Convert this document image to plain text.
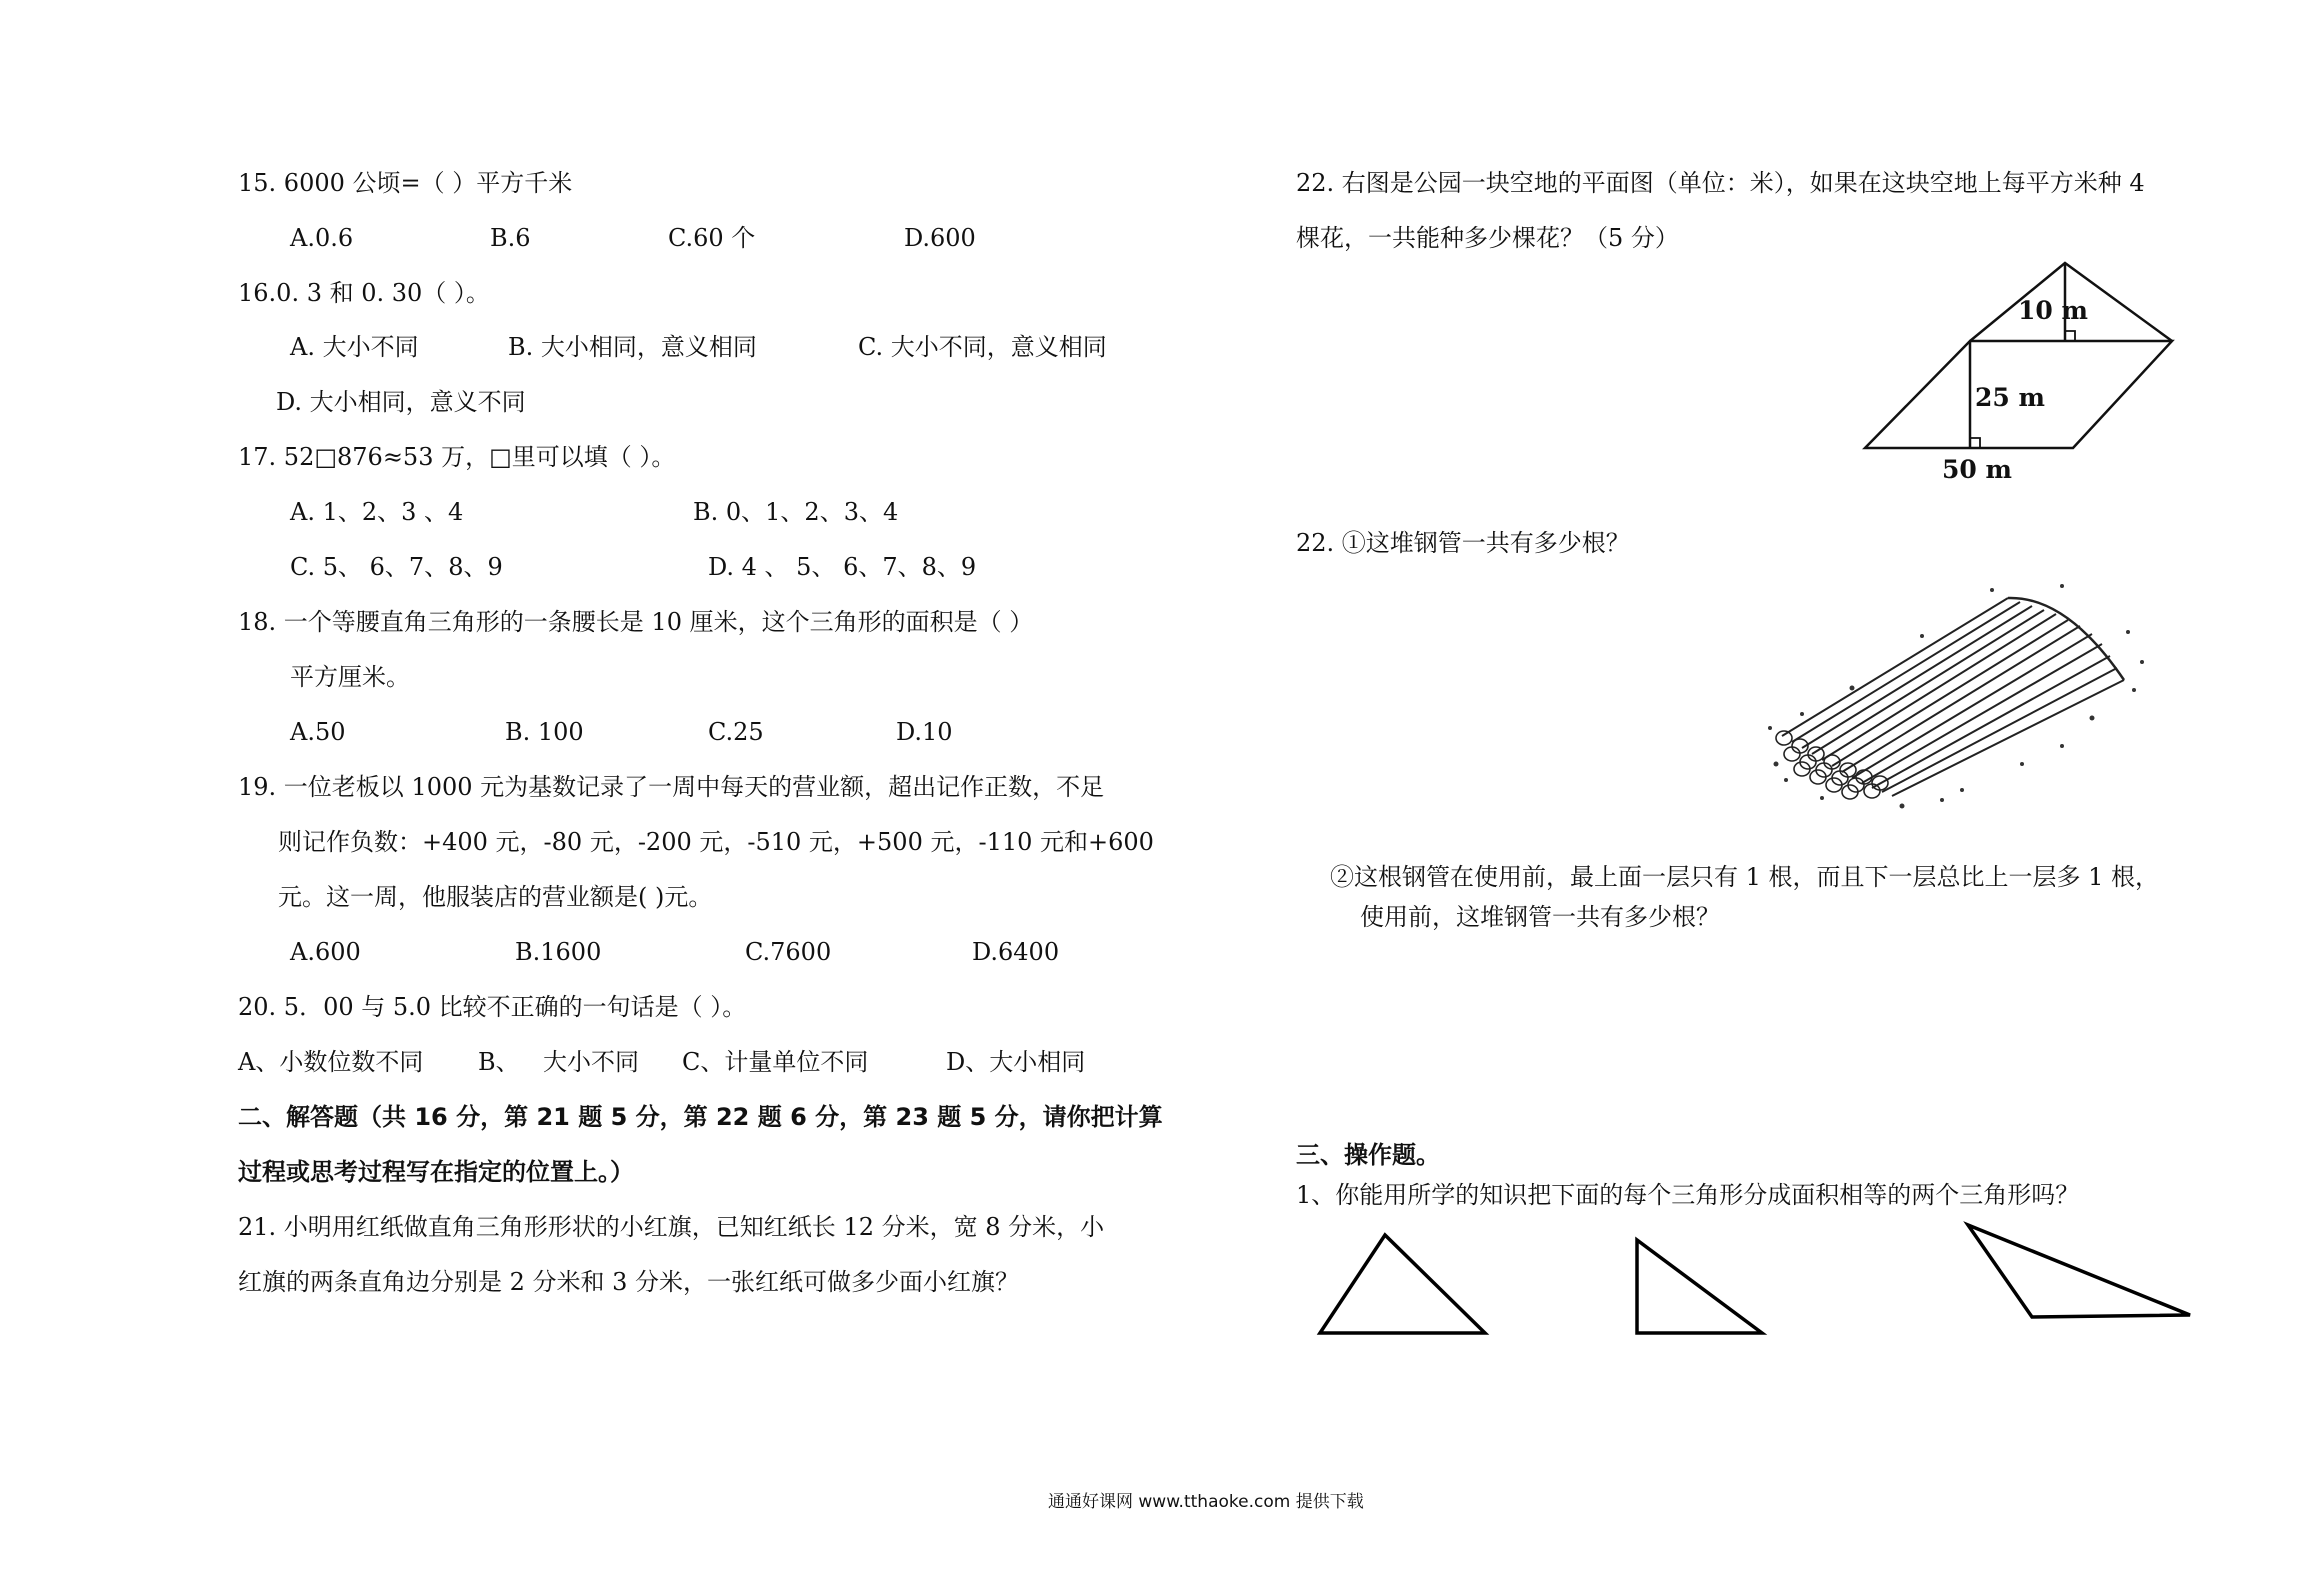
15. 6000 公顷=（ ）平方千米
A.0.6	B.6	C.60 个	D.600
16.0. 3 和 0. 30（ ）。
A. 大小不同	B. 大小相同，意义相同	C. 大小不同，意义相同
D. 大小相同，意义不同
17. 52□876≈53 万，□里可以填（ ）。
A. 1、2、3 、4	B. 0、1、2、3、4
C. 5、 6、7、8、9	D. 4 、 5、 6、7、8、9
18. 一个等腰直角三角形的一条腰长是 10 厘米，这个三角形的面积是（ ）
平方厘米。
A.50	B. 100	C.25	D.10
19. 一位老板以 1000 元为基数记录了一周中每天的营业额，超出记作正数，不足
则记作负数：+400 元，-80 元，-200 元，-510 元，+500 元，-110 元和+600
元。这一周，他服装店的营业额是( )元。
A.600	B.1600	C.7600	D.6400
20. 5．00 与 5.0 比较不正确的一句话是（ ）。
A、小数位数不同 B、 大小不同 C、计量单位不同	D、大小相同
二、解答题（共 16 分，第 21 题 5 分，第 22 题 6 分，第 23 题 5 分，请你把计算
过程或思考过程写在指定的位置上。）
21. 小明用红纸做直角三角形形状的小红旗，已知红纸长 12 分米，宽 8 分米，小
红旗的两条直角边分别是 2 分米和 3 分米，一张红纸可做多少面小红旗？
22. 右图是公园一块空地的平面图（单位：米），如果在这块空地上每平方米种 4
棵花，一共能种多少棵花？（5 分）
10 m
25 m
50 m
22. ①这堆钢管一共有多少根？
②这根钢管在使用前，最上面一层只有 1 根，而且下一层总比上一层多 1 根，
使用前，这堆钢管一共有多少根？
三、操作题。
1、你能用所学的知识把下面的每个三角形分成面积相等的两个三角形吗？
通通好课网 www.tthaoke.com 提供下载
